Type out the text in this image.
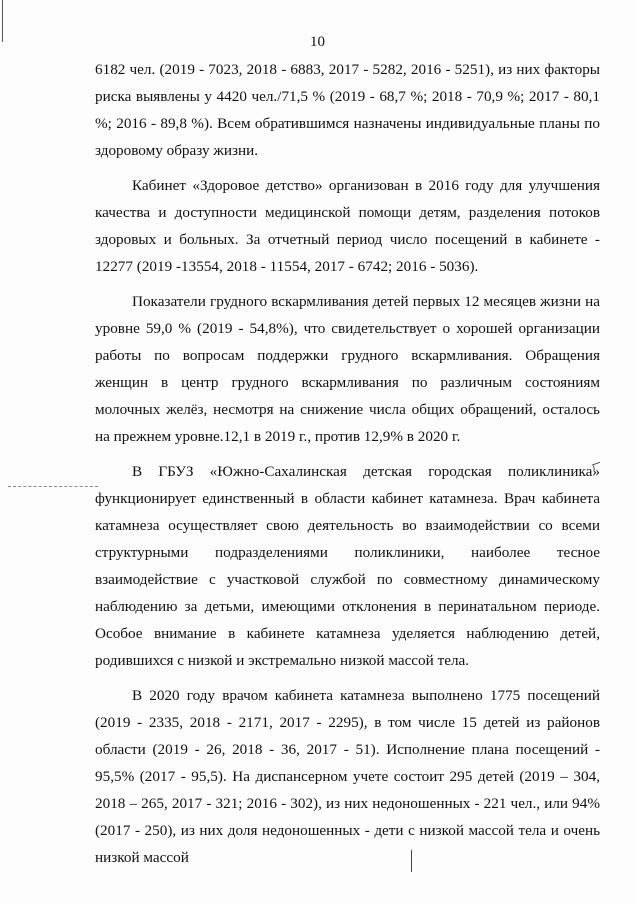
10

6182 чел. (2019 - 7023, 2018 - 6883, 2017 - 5282, 2016 - 5251), из них факторы риска выявлены у 4420 чел./71,5 % (2019 - 68,7 %; 2018 - 70,9 %; 2017 - 80,1 %; 2016 - 89,8 %). Всем обратившимся назначены индивидуальные планы по здоровому образу жизни.

Кабинет «Здоровое детство» организован в 2016 году для улучшения качества и доступности медицинской помощи детям, разделения потоков здоровых и больных. За отчетный период число посещений в кабинете - 12277 (2019 -13554, 2018 - 11554, 2017 - 6742; 2016 - 5036).

Показатели грудного вскармливания детей первых 12 месяцев жизни на уровне 59,0 % (2019 - 54,8%), что свидетельствует о хорошей организации работы по вопросам поддержки грудного вскармливания. Обращения женщин в центр грудного вскармливания по различным состояниям молочных желёз, несмотря на снижение числа общих обращений, осталось на прежнем уровне.12,1 в 2019 г., против 12,9% в 2020 г.

В ГБУЗ «Южно-Сахалинская детская городская поликлиника» функционирует единственный в области кабинет катамнеза. Врач кабинета катамнеза осуществляет свою деятельность во взаимодействии со всеми структурными подразделениями поликлиники, наиболее тесное взаимодействие с участковой службой по совместному динамическому наблюдению за детьми, имеющими отклонения в перинатальном периоде. Особое внимание в кабинете катамнеза уделяется наблюдению детей, родившихся с низкой и экстремально низкой массой тела.

В 2020 году врачом кабинета катамнеза выполнено 1775 посещений (2019 - 2335, 2018 - 2171, 2017 - 2295), в том числе 15 детей из районов области (2019 - 26, 2018 - 36, 2017 - 51). Исполнение плана посещений - 95,5% (2017 - 95,5). На диспансерном учете состоит 295 детей (2019 – 304, 2018 – 265, 2017 - 321; 2016 - 302), из них недоношенных - 221 чел., или 94% (2017 - 250), из них доля недоношенных - дети с низкой массой тела и очень низкой массой
